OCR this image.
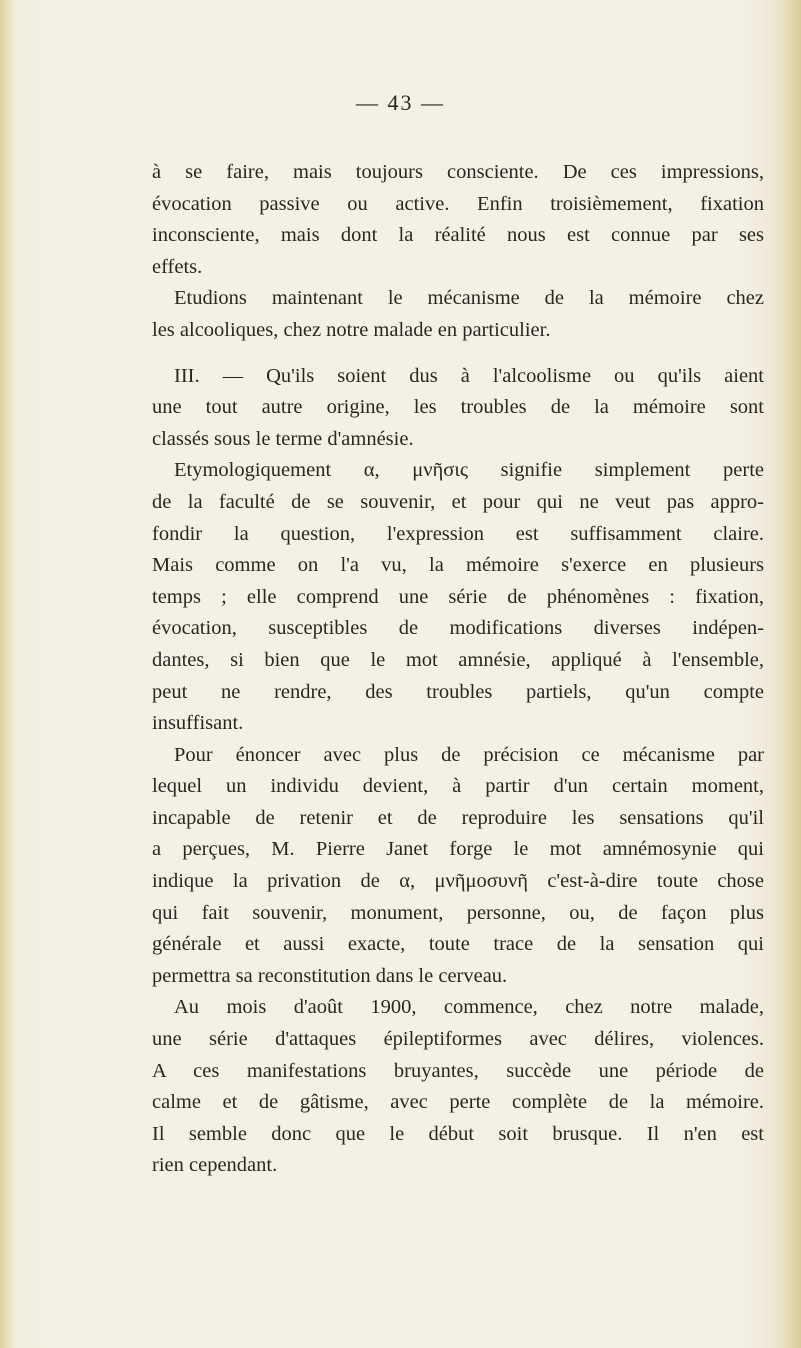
— 43 —
à se faire, mais toujours consciente. De ces impressions,
évocation passive ou active. Enfin troisièmement, fixation
inconsciente, mais dont la réalité nous est connue par ses
effets.
Etudions maintenant le mécanisme de la mémoire chez
les alcooliques, chez notre malade en particulier.
III. — Qu'ils soient dus à l'alcoolisme ou qu'ils aient
une tout autre origine, les troubles de la mémoire sont
classés sous le terme d'amnésie.
Etymologiquement α, μνῆσις signifie simplement perte
de la faculté de se souvenir, et pour qui ne veut pas appro-
fondir la question, l'expression est suffisamment claire.
Mais comme on l'a vu, la mémoire s'exerce en plusieurs
temps ; elle comprend une série de phénomènes : fixation,
évocation, susceptibles de modifications diverses indépen-
dantes, si bien que le mot amnésie, appliqué à l'ensemble,
peut ne rendre, des troubles partiels, qu'un compte
insuffisant.
Pour énoncer avec plus de précision ce mécanisme par
lequel un individu devient, à partir d'un certain moment,
incapable de retenir et de reproduire les sensations qu'il
a perçues, M. Pierre Janet forge le mot amnémosynie qui
indique la privation de α, μνῆμοσυνῆ c'est-à-dire toute chose
qui fait souvenir, monument, personne, ou, de façon plus
générale et aussi exacte, toute trace de la sensation qui
permettra sa reconstitution dans le cerveau.
Au mois d'août 1900, commence, chez notre malade,
une série d'attaques épileptiformes avec délires, violences.
A ces manifestations bruyantes, succède une période de
calme et de gâtisme, avec perte complète de la mémoire.
Il semble donc que le début soit brusque. Il n'en est
rien cependant.
